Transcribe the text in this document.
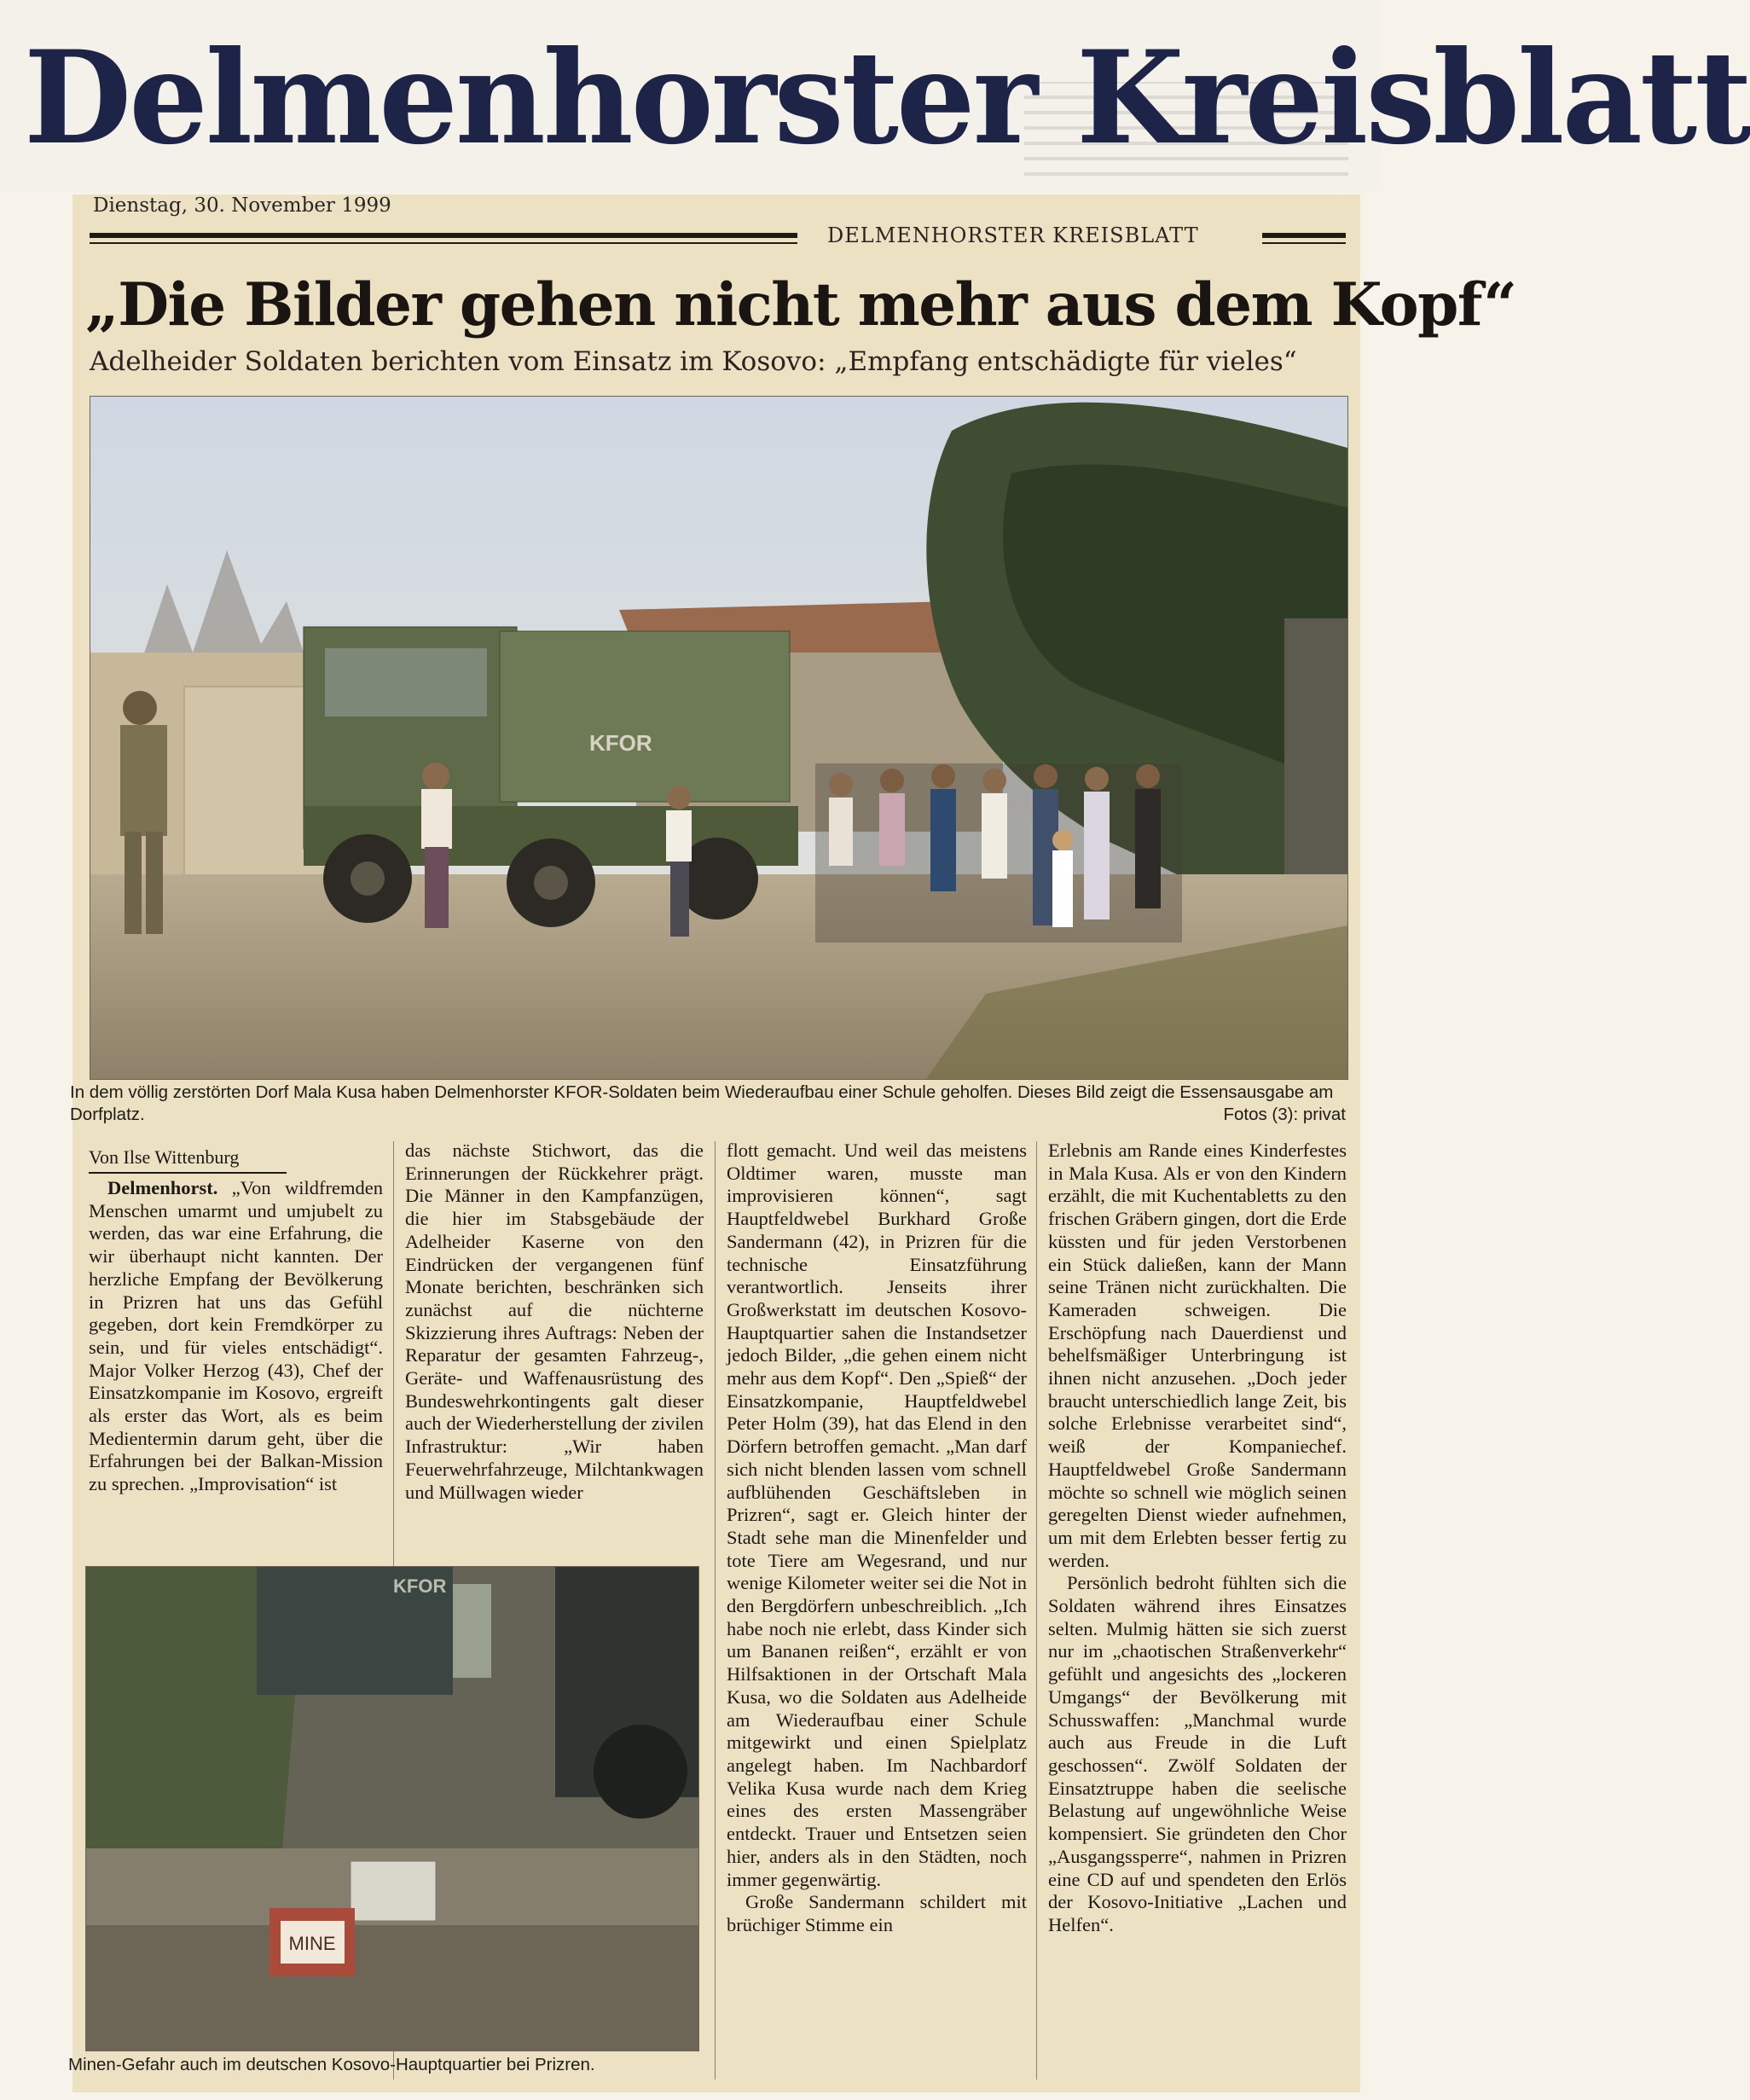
Delmenhorster Kreisblatt
Dienstag, 30. November 1999
DELMENHORSTER KREISBLATT
„Die Bilder gehen nicht mehr aus dem Kopf“
Adelheider Soldaten berichten vom Einsatz im Kosovo: „Empfang entschädigte für vieles“
KFOR
In dem völlig zerstörten Dorf Mala Kusa haben Delmenhorster KFOR-Soldaten beim Wiederaufbau einer Schule geholfen. Dieses Bild zeigt die Essensausgabe am Dorfplatz.	Fotos (3): privat
Von Ilse Wittenburg

Delmenhorst. „Von wildfremden Menschen umarmt und umjubelt zu werden, das war eine Erfahrung, die wir überhaupt nicht kannten. Der herzliche Empfang der Bevölkerung in Prizren hat uns das Gefühl gegeben, dort kein Fremdkörper zu sein, und für vieles entschädigt“. Major Volker Herzog (43), Chef der Einsatzkompanie im Kosovo, ergreift als erster das Wort, als es beim Medientermin darum geht, über die Erfahrungen bei der Balkan-Mission zu sprechen. „Improvisation“ ist

das nächste Stichwort, das die Erinnerungen der Rückkehrer prägt. Die Männer in den Kampfanzügen, die hier im Stabsgebäude der Adelheider Kaserne von den Eindrücken der vergangenen fünf Monate berichten, beschränken sich zunächst auf die nüchterne Skizzierung ihres Auftrags: Neben der Reparatur der gesamten Fahrzeug-, Geräte- und Waffenausrüstung des Bundeswehrkontingents galt dieser auch der Wiederherstellung der zivilen Infrastruktur: „Wir haben Feuerwehrfahrzeuge, Milchtankwagen und Müllwagen wieder

KFOR
MINE
Minen-Gefahr auch im deutschen Kosovo-Hauptquartier bei Prizren.

flott gemacht. Und weil das meistens Oldtimer waren, musste man improvisieren können“, sagt Hauptfeldwebel Burkhard Große Sandermann (42), in Prizren für die technische Einsatzführung verantwortlich. Jenseits ihrer Großwerkstatt im deutschen Kosovo-Hauptquartier sahen die Instandsetzer jedoch Bilder, „die gehen einem nicht mehr aus dem Kopf“. Den „Spieß“ der Einsatzkompanie, Hauptfeldwebel Peter Holm (39), hat das Elend in den Dörfern betroffen gemacht. „Man darf sich nicht blenden lassen vom schnell aufblühenden Geschäftsleben in Prizren“, sagt er. Gleich hinter der Stadt sehe man die Minenfelder und tote Tiere am Wegesrand, und nur wenige Kilometer weiter sei die Not in den Bergdörfern unbeschreiblich. „Ich habe noch nie erlebt, dass Kinder sich um Bananen reißen“, erzählt er von Hilfsaktionen in der Ortschaft Mala Kusa, wo die Soldaten aus Adelheide am Wiederaufbau einer Schule mitgewirkt und einen Spielplatz angelegt haben. Im Nachbardorf Velika Kusa wurde nach dem Krieg eines des ersten Massengräber entdeckt. Trauer und Entsetzen seien hier, anders als in den Städten, noch immer gegenwärtig.

Große Sandermann schildert mit brüchiger Stimme ein

Erlebnis am Rande eines Kinderfestes in Mala Kusa. Als er von den Kindern erzählt, die mit Kuchentabletts zu den frischen Gräbern gingen, dort die Erde küssten und für jeden Verstorbenen ein Stück daließen, kann der Mann seine Tränen nicht zurückhalten. Die Kameraden schweigen. Die Erschöpfung nach Dauerdienst und behelfsmäßiger Unterbringung ist ihnen nicht anzusehen. „Doch jeder braucht unterschiedlich lange Zeit, bis solche Erlebnisse verarbeitet sind“, weiß der Kompaniechef. Hauptfeldwebel Große Sandermann möchte so schnell wie möglich seinen geregelten Dienst wieder aufnehmen, um mit dem Erlebten besser fertig zu werden.

Persönlich bedroht fühlten sich die Soldaten während ihres Einsatzes selten. Mulmig hätten sie sich zuerst nur im „chaotischen Straßenverkehr“ gefühlt und angesichts des „lockeren Umgangs“ der Bevölkerung mit Schusswaffen: „Manchmal wurde auch aus Freude in die Luft geschossen“. Zwölf Soldaten der Einsatztruppe haben die seelische Belastung auf ungewöhnliche Weise kompensiert. Sie gründeten den Chor „Ausgangssperre“, nahmen in Prizren eine CD auf und spendeten den Erlös der Kosovo-Initiative „Lachen und Helfen“.
